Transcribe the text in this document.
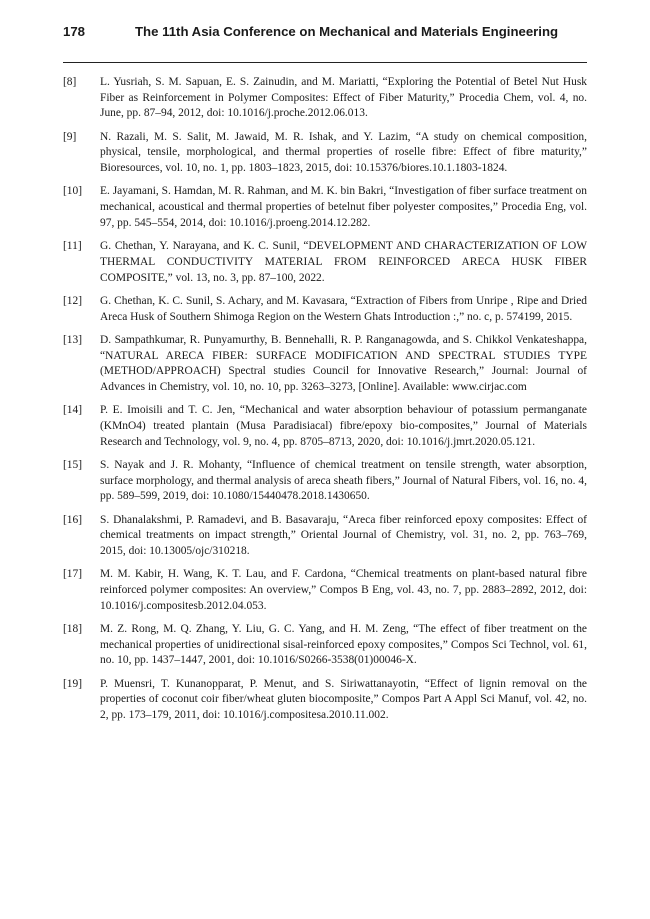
178	The 11th Asia Conference on Mechanical and Materials Engineering
[8] L. Yusriah, S. M. Sapuan, E. S. Zainudin, and M. Mariatti, “Exploring the Potential of Betel Nut Husk Fiber as Reinforcement in Polymer Composites: Effect of Fiber Maturity,” Procedia Chem, vol. 4, no. June, pp. 87–94, 2012, doi: 10.1016/j.proche.2012.06.013.
[9] N. Razali, M. S. Salit, M. Jawaid, M. R. Ishak, and Y. Lazim, “A study on chemical composition, physical, tensile, morphological, and thermal properties of roselle fibre: Effect of fibre maturity,” Bioresources, vol. 10, no. 1, pp. 1803–1823, 2015, doi: 10.15376/biores.10.1.1803-1824.
[10] E. Jayamani, S. Hamdan, M. R. Rahman, and M. K. bin Bakri, “Investigation of fiber surface treatment on mechanical, acoustical and thermal properties of betelnut fiber polyester composites,” Procedia Eng, vol. 97, pp. 545–554, 2014, doi: 10.1016/j.proeng.2014.12.282.
[11] G. Chethan, Y. Narayana, and K. C. Sunil, “DEVELOPMENT AND CHARACTERIZATION OF LOW THERMAL CONDUCTIVITY MATERIAL FROM REINFORCED ARECA HUSK FIBER COMPOSITE,” vol. 13, no. 3, pp. 87–100, 2022.
[12] G. Chethan, K. C. Sunil, S. Achary, and M. Kavasara, “Extraction of Fibers from Unripe , Ripe and Dried Areca Husk of Southern Shimoga Region on the Western Ghats Introduction :,” no. c, p. 574199, 2015.
[13] D. Sampathkumar, R. Punyamurthy, B. Bennehalli, R. P. Ranganagowda, and S. Chikkol Venkateshappa, “NATURAL ARECA FIBER: SURFACE MODIFICATION AND SPECTRAL STUDIES TYPE (METHOD/APPROACH) Spectral studies Council for Innovative Research,” Journal: Journal of Advances in Chemistry, vol. 10, no. 10, pp. 3263–3273, [Online]. Available: www.cirjac.com
[14] P. E. Imoisili and T. C. Jen, “Mechanical and water absorption behaviour of potassium permanganate (KMnO4) treated plantain (Musa Paradisiacal) fibre/epoxy bio-composites,” Journal of Materials Research and Technology, vol. 9, no. 4, pp. 8705–8713, 2020, doi: 10.1016/j.jmrt.2020.05.121.
[15] S. Nayak and J. R. Mohanty, “Influence of chemical treatment on tensile strength, water absorption, surface morphology, and thermal analysis of areca sheath fibers,” Journal of Natural Fibers, vol. 16, no. 4, pp. 589–599, 2019, doi: 10.1080/15440478.2018.1430650.
[16] S. Dhanalakshmi, P. Ramadevi, and B. Basavaraju, “Areca fiber reinforced epoxy composites: Effect of chemical treatments on impact strength,” Oriental Journal of Chemistry, vol. 31, no. 2, pp. 763–769, 2015, doi: 10.13005/ojc/310218.
[17] M. M. Kabir, H. Wang, K. T. Lau, and F. Cardona, “Chemical treatments on plant-based natural fibre reinforced polymer composites: An overview,” Compos B Eng, vol. 43, no. 7, pp. 2883–2892, 2012, doi: 10.1016/j.compositesb.2012.04.053.
[18] M. Z. Rong, M. Q. Zhang, Y. Liu, G. C. Yang, and H. M. Zeng, “The effect of fiber treatment on the mechanical properties of unidirectional sisal-reinforced epoxy composites,” Compos Sci Technol, vol. 61, no. 10, pp. 1437–1447, 2001, doi: 10.1016/S0266-3538(01)00046-X.
[19] P. Muensri, T. Kunanopparat, P. Menut, and S. Siriwattanayotin, “Effect of lignin removal on the properties of coconut coir fiber/wheat gluten biocomposite,” Compos Part A Appl Sci Manuf, vol. 42, no. 2, pp. 173–179, 2011, doi: 10.1016/j.compositesa.2010.11.002.
